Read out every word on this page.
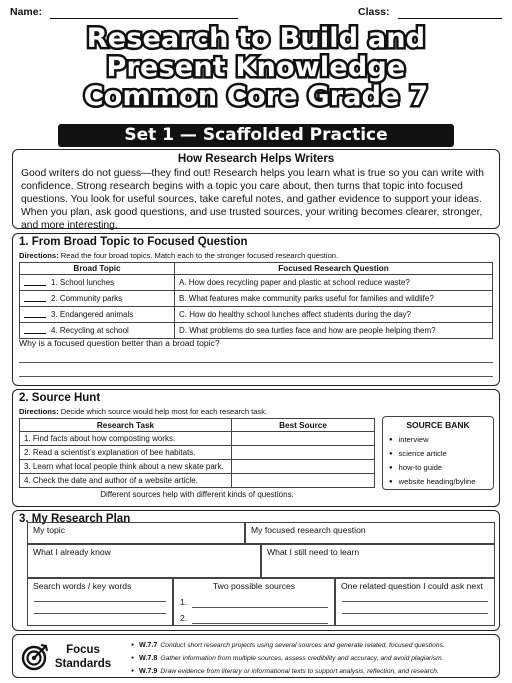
Name:	Class:
Research to Build and
Present Knowledge
Common Core Grade 7
Set 1 — Scaffolded Practice
How Research Helps Writers

Good writers do not guess—they find out! Research helps you learn what is true so you can write with confidence. Strong research begins with a topic you care about, then turns that topic into focused questions. You look for useful sources, take careful notes, and gather evidence to support your ideas. When you plan, ask good questions, and use trusted sources, your writing becomes clearer, stronger, and more interesting.

1. From Broad Topic to Focused Question
Directions: Read the four broad topics. Match each to the stronger focused research question.
Broad Topic	Focused Research Question
1. School lunches	A. How does recycling paper and plastic at school reduce waste?
2. Community parks	B. What features make community parks useful for families and wildlife?
3. Endangered animals	C. How do healthy school lunches affect students during the day?
4. Recycling at school	D. What problems do sea turtles face and how are people helping them?
Why is a focused question better than a broad topic?
2. Source Hunt
Directions: Decide which source would help most for each research task.
Research Task	Best Source
1. Find facts about how composting works.	
2. Read a scientist’s explanation of bee habitats.	
3. Learn what local people think about a new skate park.	
4. Check the date and author of a website article.	
Different sources help with different kinds of questions.	
SOURCE BANK
● interview
● science article
● how-to guide
● website heading/byline
3. My Research Plan
My topic	My focused research question
What I already know	What I still need to learn
Search words / key words	Two possible sources
1.
2.
One related question I could ask next
Focus
Standards
● W.7.7 Conduct short research projects using several sources and generate related, focused questions.
● W.7.8 Gather information from multiple sources, assess credibility and accuracy, and avoid plagiarism.
● W.7.9 Draw evidence from literary or informational texts to support analysis, reflection, and research.
